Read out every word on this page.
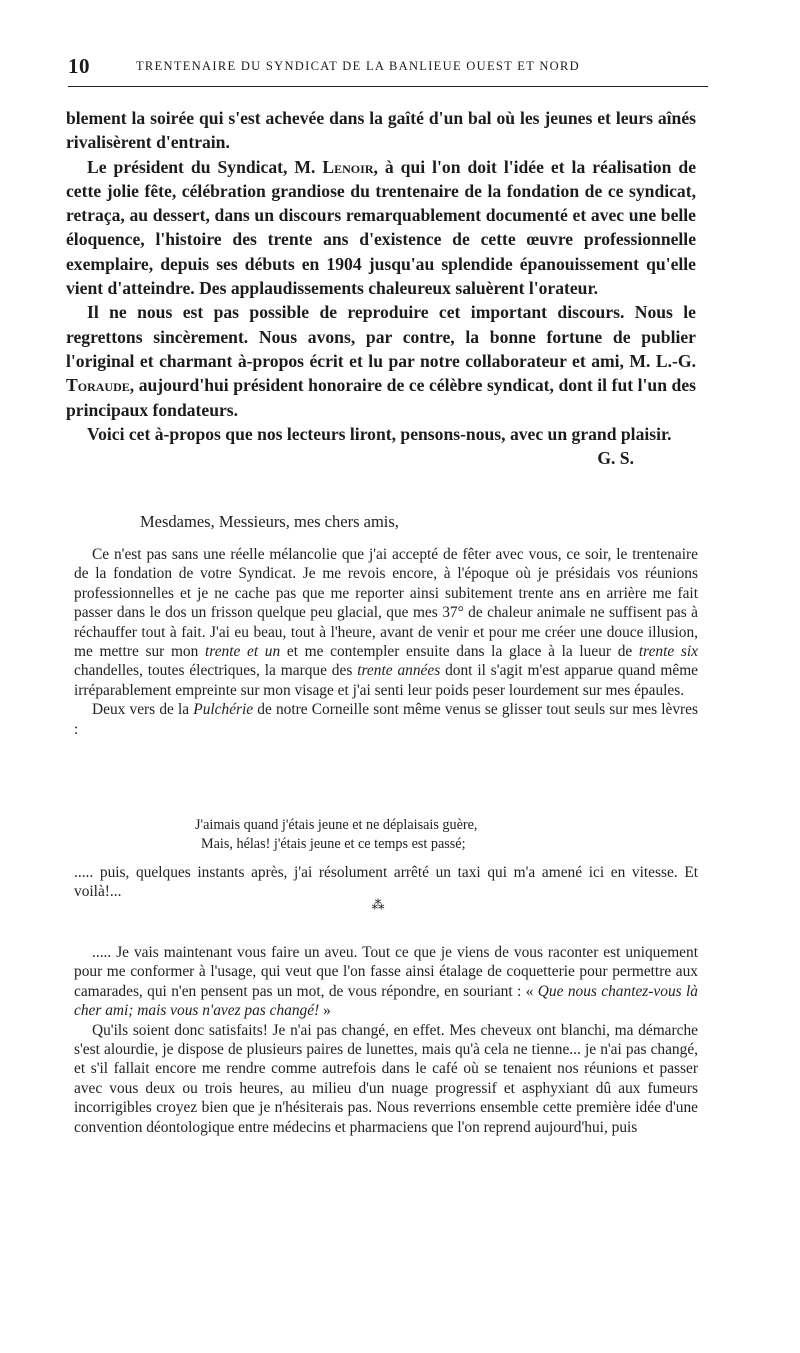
10	TRENTENAIRE DU SYNDICAT DE LA BANLIEUE OUEST ET NORD

blement la soirée qui s'est achevée dans la gaîté d'un bal où les jeunes et leurs aînés rivalisèrent d'entrain.

Le président du Syndicat, M. Lenoir, à qui l'on doit l'idée et la réalisation de cette jolie fête, célébration grandiose du trentenaire de la fondation de ce syndicat, retraça, au dessert, dans un discours remarquablement documenté et avec une belle éloquence, l'histoire des trente ans d'existence de cette œuvre professionnelle exemplaire, depuis ses débuts en 1904 jusqu'au splendide épanouissement qu'elle vient d'atteindre. Des applaudissements chaleureux saluèrent l'orateur.

Il ne nous est pas possible de reproduire cet important discours. Nous le regrettons sincèrement. Nous avons, par contre, la bonne fortune de publier l'original et charmant à-propos écrit et lu par notre collaborateur et ami, M. L.-G. Toraude, aujourd'hui président honoraire de ce célèbre syndicat, dont il fut l'un des principaux fondateurs.

Voici cet à-propos que nos lecteurs liront, pensons-nous, avec un grand plaisir.
G. S.

Mesdames, Messieurs, mes chers amis,

Ce n'est pas sans une réelle mélancolie que j'ai accepté de fêter avec vous, ce soir, le trentenaire de la fondation de votre Syndicat. Je me revois encore, à l'époque où je présidais vos réunions professionnelles et je ne cache pas que me reporter ainsi subitement trente ans en arrière me fait passer dans le dos un frisson quelque peu glacial, que mes 37° de chaleur animale ne suffisent pas à réchauffer tout à fait. J'ai eu beau, tout à l'heure, avant de venir et pour me créer une douce illusion, me mettre sur mon trente et un et me contempler ensuite dans la glace à la lueur de trente six chandelles, toutes électriques, la marque des trente années dont il s'agit m'est apparue quand même irréparablement empreinte sur mon visage et j'ai senti leur poids peser lourdement sur mes épaules.

Deux vers de la Pulchérie de notre Corneille sont même venus se glisser tout seuls sur mes lèvres :

J'aimais quand j'étais jeune et ne déplaisais guère,
Mais, hélas! j'étais jeune et ce temps est passé;

..... puis, quelques instants après, j'ai résolument arrêté un taxi qui m'a amené ici en vitesse. Et voilà!...

⁂

..... Je vais maintenant vous faire un aveu. Tout ce que je viens de vous raconter est uniquement pour me conformer à l'usage, qui veut que l'on fasse ainsi étalage de coquetterie pour permettre aux camarades, qui n'en pensent pas un mot, de vous répondre, en souriant : « Que nous chantez-vous là cher ami; mais vous n'avez pas changé! »

Qu'ils soient donc satisfaits! Je n'ai pas changé, en effet. Mes cheveux ont blanchi, ma démarche s'est alourdie, je dispose de plusieurs paires de lunettes, mais qu'à cela ne tienne... je n'ai pas changé, et s'il fallait encore me rendre comme autrefois dans le café où se tenaient nos réunions et passer avec vous deux ou trois heures, au milieu d'un nuage progressif et asphyxiant dû aux fumeurs incorrigibles croyez bien que je n'hésiterais pas. Nous reverrions ensemble cette première idée d'une convention déontologique entre médecins et pharmaciens que l'on reprend aujourd'hui, puis
